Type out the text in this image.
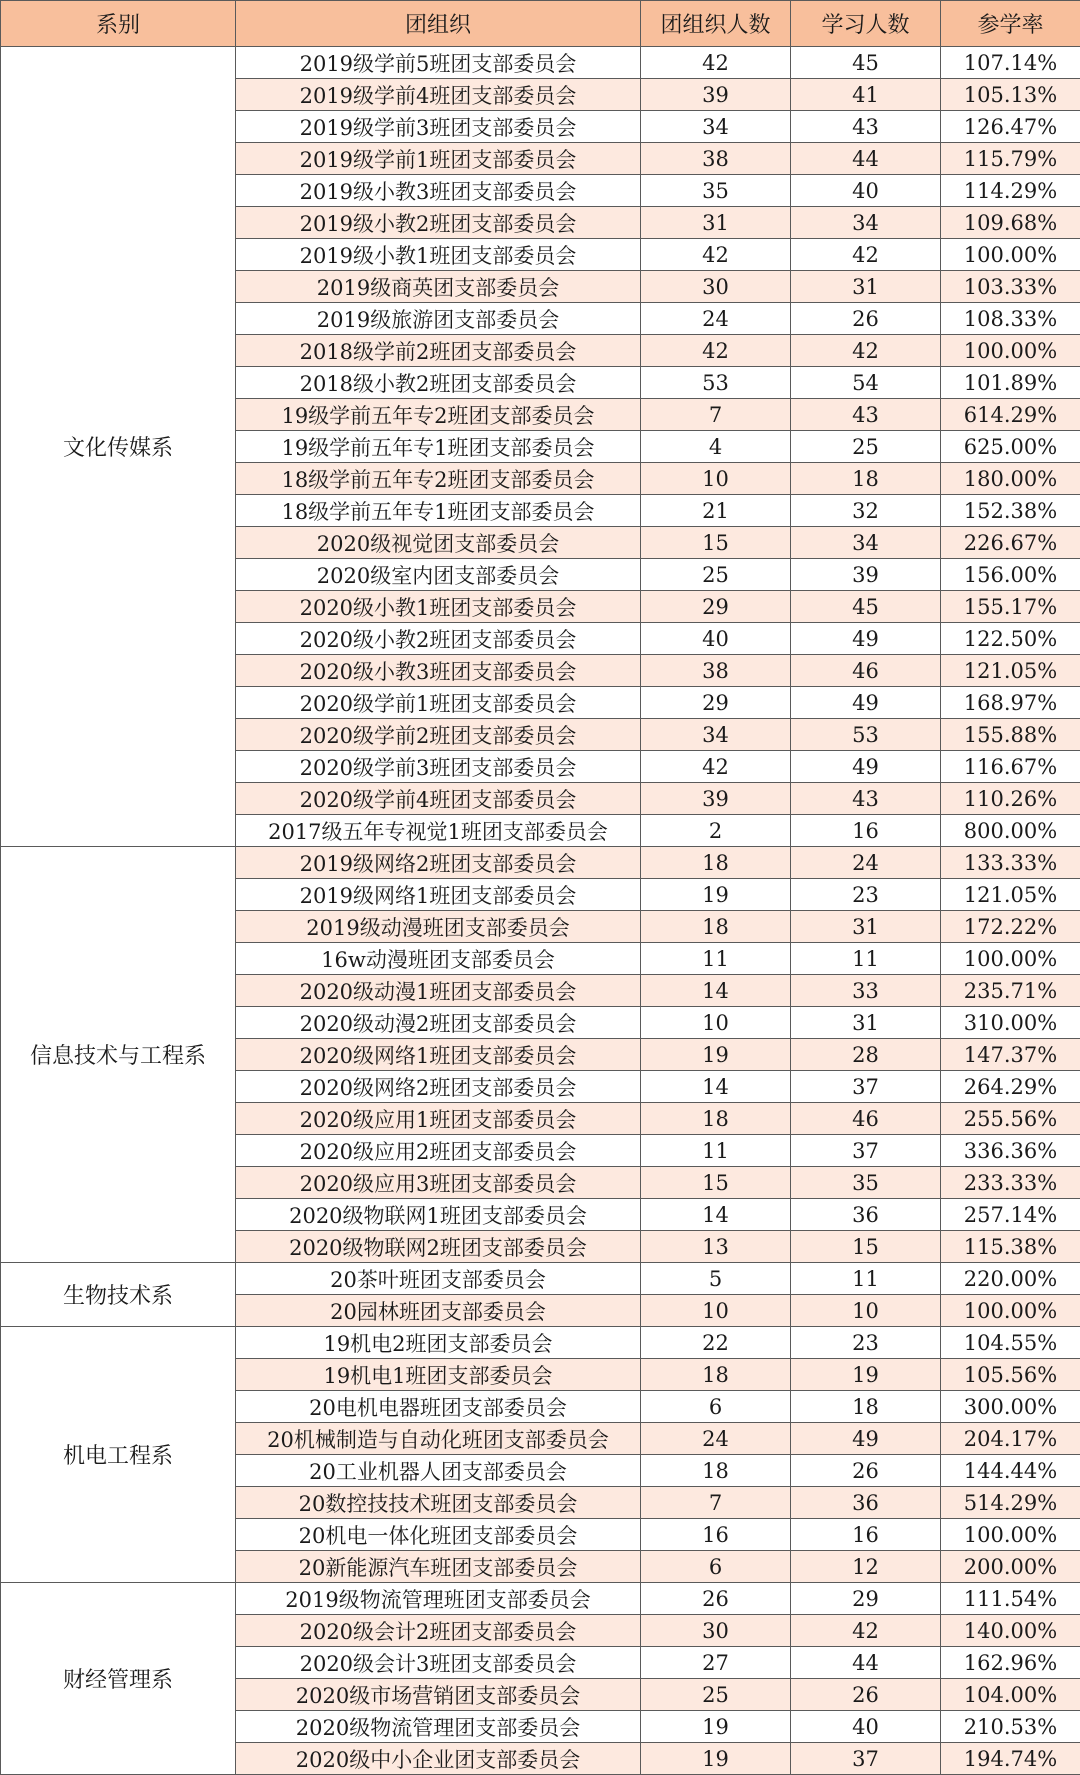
系别	团组织	团组织人数	学习人数	参学率
文化传媒系	2019级学前5班团支部委员会	42	45	107.14%
	2019级学前4班团支部委员会	39	41	105.13%
	2019级学前3班团支部委员会	34	43	126.47%
	2019级学前1班团支部委员会	38	44	115.79%
	2019级小教3班团支部委员会	35	40	114.29%
	2019级小教2班团支部委员会	31	34	109.68%
	2019级小教1班团支部委员会	42	42	100.00%
	2019级商英团支部委员会	30	31	103.33%
	2019级旅游团支部委员会	24	26	108.33%
	2018级学前2班团支部委员会	42	42	100.00%
	2018级小教2班团支部委员会	53	54	101.89%
	19级学前五年专2班团支部委员会	7	43	614.29%
	19级学前五年专1班团支部委员会	4	25	625.00%
	18级学前五年专2班团支部委员会	10	18	180.00%
	18级学前五年专1班团支部委员会	21	32	152.38%
	2020级视觉团支部委员会	15	34	226.67%
	2020级室内团支部委员会	25	39	156.00%
	2020级小教1班团支部委员会	29	45	155.17%
	2020级小教2班团支部委员会	40	49	122.50%
	2020级小教3班团支部委员会	38	46	121.05%
	2020级学前1班团支部委员会	29	49	168.97%
	2020级学前2班团支部委员会	34	53	155.88%
	2020级学前3班团支部委员会	42	49	116.67%
	2020级学前4班团支部委员会	39	43	110.26%
	2017级五年专视觉1班团支部委员会	2	16	800.00%
信息技术与工程系	2019级网络2班团支部委员会	18	24	133.33%
	2019级网络1班团支部委员会	19	23	121.05%
	2019级动漫班团支部委员会	18	31	172.22%
	16w动漫班团支部委员会	11	11	100.00%
	2020级动漫1班团支部委员会	14	33	235.71%
	2020级动漫2班团支部委员会	10	31	310.00%
	2020级网络1班团支部委员会	19	28	147.37%
	2020级网络2班团支部委员会	14	37	264.29%
	2020级应用1班团支部委员会	18	46	255.56%
	2020级应用2班团支部委员会	11	37	336.36%
	2020级应用3班团支部委员会	15	35	233.33%
	2020级物联网1班团支部委员会	14	36	257.14%
	2020级物联网2班团支部委员会	13	15	115.38%
生物技术系	20茶叶班团支部委员会	5	11	220.00%
	20园林班团支部委员会	10	10	100.00%
机电工程系	19机电2班团支部委员会	22	23	104.55%
	19机电1班团支部委员会	18	19	105.56%
	20电机电器班团支部委员会	6	18	300.00%
	20机械制造与自动化班团支部委员会	24	49	204.17%
	20工业机器人团支部委员会	18	26	144.44%
	20数控技技术班团支部委员会	7	36	514.29%
	20机电一体化班团支部委员会	16	16	100.00%
	20新能源汽车班团支部委员会	6	12	200.00%
财经管理系	2019级物流管理班团支部委员会	26	29	111.54%
	2020级会计2班团支部委员会	30	42	140.00%
	2020级会计3班团支部委员会	27	44	162.96%
	2020级市场营销团支部委员会	25	26	104.00%
	2020级物流管理团支部委员会	19	40	210.53%
	2020级中小企业团支部委员会	19	37	194.74%
